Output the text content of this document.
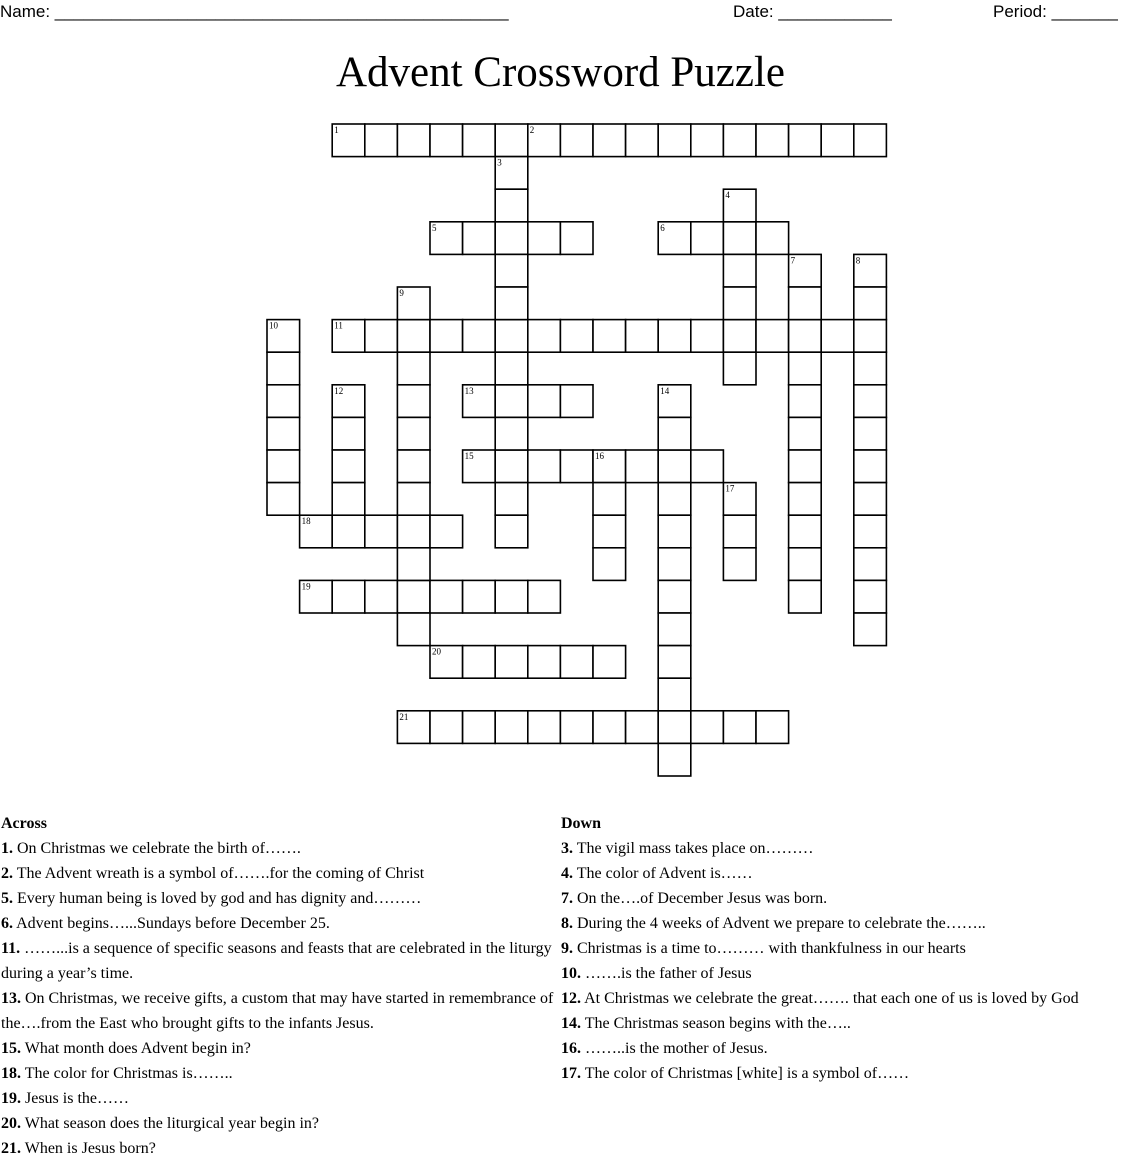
Name: ________________________________________________	Date: ____________	Period: _______
Advent Crossword Puzzle
1	2
5	6
11
13
15	16
18
19
20
21
3
4
7	8
9
10
12	14
17
Across
1. On Christmas we celebrate the birth of…….
2. The Advent wreath is a symbol of…….for the coming of Christ
5. Every human being is loved by god and has dignity and………
6. Advent begins…...Sundays before December 25.
11. ……...is a sequence of specific seasons and feasts that are celebrated in the liturgy during a year’s time.
13. On Christmas, we receive gifts, a custom that may have started in remembrance of the….from the East who brought gifts to the infants Jesus.
15. What month does Advent begin in?
18. The color for Christmas is……..
19. Jesus is the……
20. What season does the liturgical year begin in?
21. When is Jesus born?
Down
3. The vigil mass takes place on………
4. The color of Advent is……
7. On the….of December Jesus was born.
8. During the 4 weeks of Advent we prepare to celebrate the……..
9. Christmas is a time to……… with thankfulness in our hearts
10. …….is the father of Jesus
12. At Christmas we celebrate the great……. that each one of us is loved by God
14. The Christmas season begins with the…..
16. ……..is the mother of Jesus.
17. The color of Christmas [white] is a symbol of……
